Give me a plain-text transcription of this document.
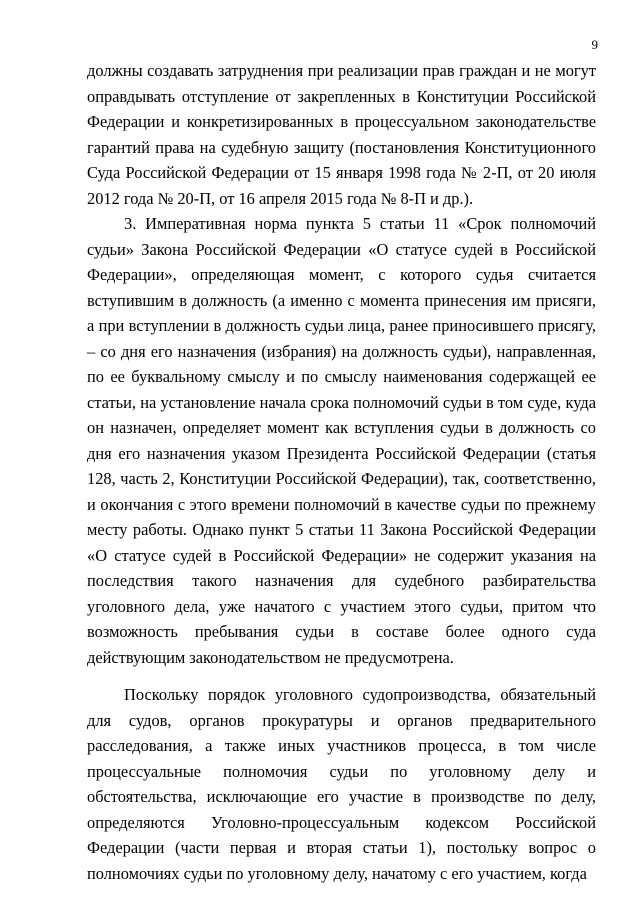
9

должны создавать затруднения при реализации прав граждан и не могут оправдывать отступление от закрепленных в Конституции Российской Федерации и конкретизированных в процессуальном законодательстве гарантий права на судебную защиту (постановления Конституционного Суда Российской Федерации от 15 января 1998 года № 2-П, от 20 июля 2012 года № 20-П, от 16 апреля 2015 года № 8-П и др.).

3. Императивная норма пункта 5 статьи 11 «Срок полномочий судьи» Закона Российской Федерации «О статусе судей в Российской Федерации», определяющая момент, с которого судья считается вступившим в должность (а именно с момента принесения им присяги, а при вступлении в должность судьи лица, ранее приносившего присягу, – со дня его назначения (избрания) на должность судьи), направленная, по ее буквальному смыслу и по смыслу наименования содержащей ее статьи, на установление начала срока полномочий судьи в том суде, куда он назначен, определяет момент как вступления судьи в должность со дня его назначения указом Президента Российской Федерации (статья 128, часть 2, Конституции Российской Федерации), так, соответственно, и окончания с этого времени полномочий в качестве судьи по прежнему месту работы. Однако пункт 5 статьи 11 Закона Российской Федерации «О статусе судей в Российской Федерации» не содержит указания на последствия такого назначения для судебного разбирательства уголовного дела, уже начатого с участием этого судьи, притом что возможность пребывания судьи в составе более одного суда действующим законодательством не предусмотрена.

Поскольку порядок уголовного судопроизводства, обязательный для судов, органов прокуратуры и органов предварительного расследования, а также иных участников процесса, в том числе процессуальные полномочия судьи по уголовному делу и обстоятельства, исключающие его участие в производстве по делу, определяются Уголовно-процессуальным кодексом Российской Федерации (части первая и вторая статьи 1), постольку вопрос о полномочиях судьи по уголовному делу, начатому с его участием, когда
